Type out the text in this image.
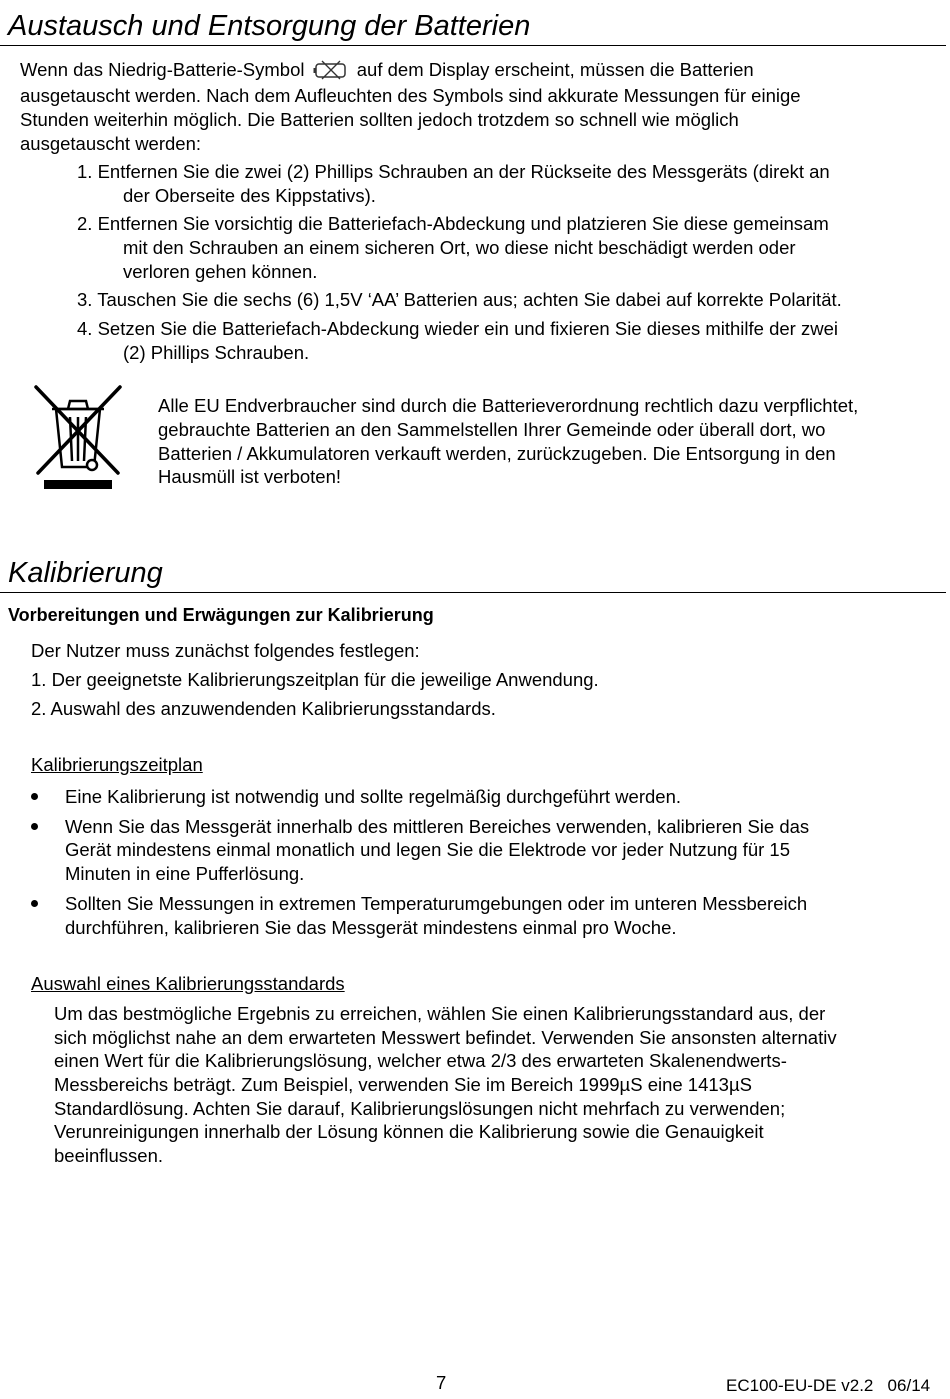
Austausch und Entsorgung der Batterien

Wenn das Niedrig-Batterie-Symbol	auf dem Display erscheint, müssen die Batterien

ausgetauscht werden. Nach dem Aufleuchten des Symbols sind akkurate Messungen für einige

Stunden weiterhin möglich. Die Batterien sollten jedoch trotzdem so schnell wie möglich

ausgetauscht werden:

1. Entfernen Sie die zwei (2) Phillips Schrauben an der Rückseite des Messgeräts (direkt an

der Oberseite des Kippstativs).

2. Entfernen Sie vorsichtig die Batteriefach-Abdeckung und platzieren Sie diese gemeinsam

mit den Schrauben an einem sicheren Ort, wo diese nicht beschädigt werden oder

verloren gehen können.

3. Tauschen Sie die sechs (6) 1,5V ‘AA’ Batterien aus; achten Sie dabei auf korrekte Polarität.

4. Setzen Sie die Batteriefach-Abdeckung wieder ein und fixieren Sie dieses mithilfe der zwei

(2) Phillips Schrauben.

Alle EU Endverbraucher sind durch die Batterieverordnung rechtlich dazu verpflichtet,

gebrauchte Batterien an den Sammelstellen Ihrer Gemeinde oder überall dort, wo

Batterien / Akkumulatoren verkauft werden, zurückzugeben. Die Entsorgung in den

Hausmüll ist verboten!

Kalibrierung
Vorbereitungen und Erwägungen zur Kalibrierung

Der Nutzer muss zunächst folgendes festlegen:

1. Der geeignetste Kalibrierungszeitplan für die jeweilige Anwendung.

2. Auswahl des anzuwendenden Kalibrierungsstandards.

Kalibrierungszeitplan

Eine Kalibrierung ist notwendig und sollte regelmäßig durchgeführt werden.

Wenn Sie das Messgerät innerhalb des mittleren Bereiches verwenden, kalibrieren Sie das

Gerät mindestens einmal monatlich und legen Sie die Elektrode vor jeder Nutzung für 15

Minuten in eine Pufferlösung.

Sollten Sie Messungen in extremen Temperaturumgebungen oder im unteren Messbereich

durchführen, kalibrieren Sie das Messgerät mindestens einmal pro Woche.

Auswahl eines Kalibrierungsstandards

Um das bestmögliche Ergebnis zu erreichen, wählen Sie einen Kalibrierungsstandard aus, der

sich möglichst nahe an dem erwarteten Messwert befindet. Verwenden Sie ansonsten alternativ

einen Wert für die Kalibrierungslösung, welcher etwa 2/3 des erwarteten Skalenendwerts-

Messbereichs beträgt. Zum Beispiel, verwenden Sie im Bereich 1999µS eine 1413µS

Standardlösung. Achten Sie darauf, Kalibrierungslösungen nicht mehrfach zu verwenden;

Verunreinigungen innerhalb der Lösung können die Kalibrierung sowie die Genauigkeit

beeinflussen.

7	EC100-EU-DE v2.2   06/14
